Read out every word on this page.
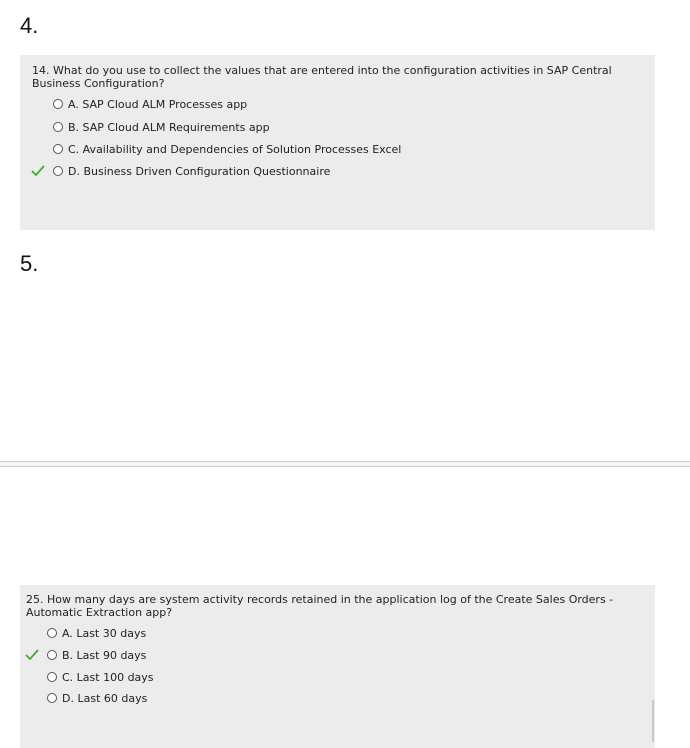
4.
14. What do you use to collect the values that are entered into the configuration activities in SAP Central Business Configuration?
A. SAP Cloud ALM Processes app
B. SAP Cloud ALM Requirements app
C. Availability and Dependencies of Solution Processes Excel
D. Business Driven Configuration Questionnaire
5.
25. How many days are system activity records retained in the application log of the Create Sales Orders - Automatic Extraction app?
A. Last 30 days
B. Last 90 days
C. Last 100 days
D. Last 60 days
